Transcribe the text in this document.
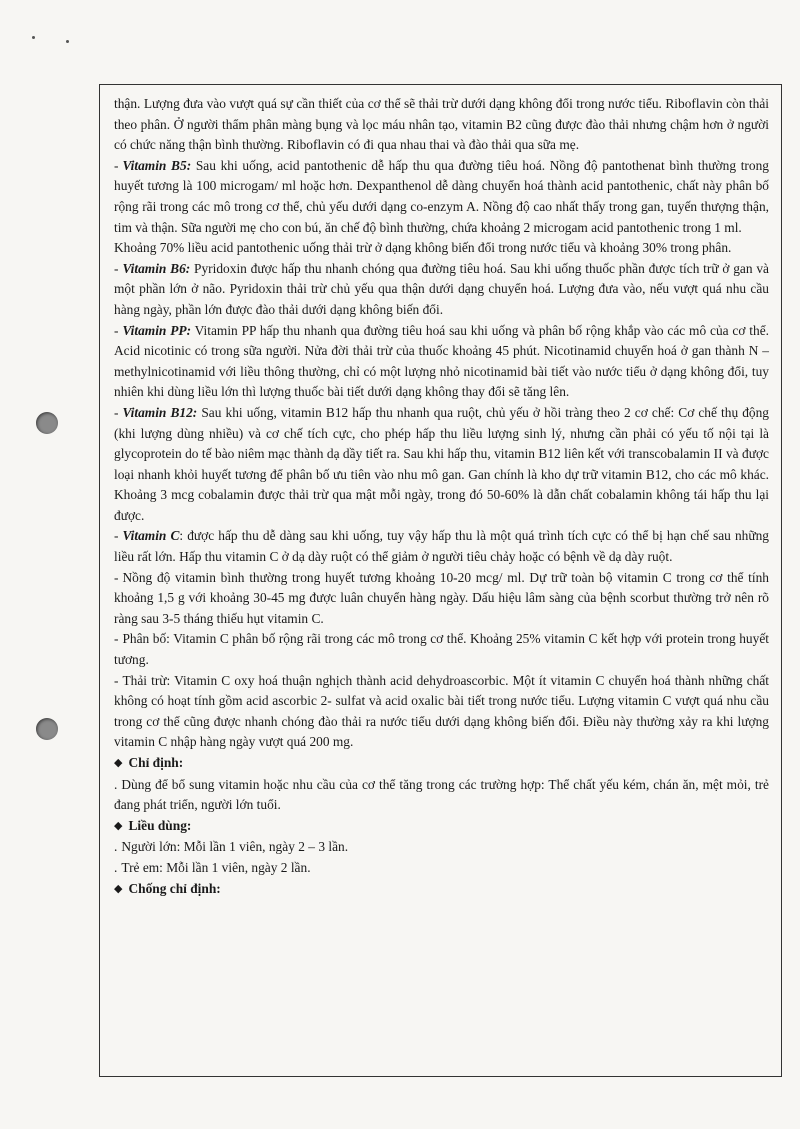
thận. Lượng đưa vào vượt quá sự cần thiết của cơ thể sẽ thải trừ dưới dạng không đổi trong nước tiểu. Riboflavin còn thải theo phân. Ở người thẩm phân màng bụng và lọc máu nhân tạo, vitamin B2 cũng được đào thải nhưng chậm hơn ở người có chức năng thận bình thường. Riboflavin có đi qua nhau thai và đào thải qua sữa mẹ.

- Vitamin B5: Sau khi uống, acid pantothenic dễ hấp thu qua đường tiêu hoá. Nồng độ pantothenat bình thường trong huyết tương là 100 microgam/ ml hoặc hơn. Dexpanthenol dễ dàng chuyển hoá thành acid pantothenic, chất này phân bố rộng rãi trong các mô trong cơ thể, chủ yếu dưới dạng co-enzym A. Nồng độ cao nhất thấy trong gan, tuyến thượng thận, tim và thận. Sữa người mẹ cho con bú, ăn chế độ bình thường, chứa khoảng 2 microgam acid pantothenic trong 1 ml.

Khoảng 70% liều acid pantothenic uống thải trừ ở dạng không biến đổi trong nước tiểu và khoảng 30% trong phân.

- Vitamin B6: Pyridoxin được hấp thu nhanh chóng qua đường tiêu hoá. Sau khi uống thuốc phần được tích trữ ở gan và một phần lớn ở não. Pyridoxin thải trừ chủ yếu qua thận dưới dạng chuyển hoá. Lượng đưa vào, nếu vượt quá nhu cầu hàng ngày, phần lớn được đào thải dưới dạng không biến đổi.

- Vitamin PP: Vitamin PP hấp thu nhanh qua đường tiêu hoá sau khi uống và phân bố rộng khắp vào các mô của cơ thể. Acid nicotinic có trong sữa người. Nửa đời thải trừ của thuốc khoảng 45 phút. Nicotinamid chuyển hoá ở gan thành N – methylnicotinamid với liều thông thường, chỉ có một lượng nhỏ nicotinamid bài tiết vào nước tiểu ở dạng không đổi, tuy nhiên khi dùng liều lớn thì lượng thuốc bài tiết dưới dạng không thay đổi sẽ tăng lên.

- Vitamin B12: Sau khi uống, vitamin B12 hấp thu nhanh qua ruột, chủ yếu ở hồi tràng theo 2 cơ chế: Cơ chế thụ động (khi lượng dùng nhiều) và cơ chế tích cực, cho phép hấp thu liều lượng sinh lý, nhưng cần phải có yếu tố nội tại là glycoprotein do tế bào niêm mạc thành dạ dầy tiết ra. Sau khi hấp thu, vitamin B12 liên kết với transcobalamin II và được loại nhanh khỏi huyết tương để phân bố ưu tiên vào nhu mô gan. Gan chính là kho dự trữ vitamin B12, cho các mô khác. Khoảng 3 mcg cobalamin được thải trừ qua mật mỗi ngày, trong đó 50-60% là dẫn chất cobalamin không tái hấp thu lại được.

- Vitamin C: được hấp thu dễ dàng sau khi uống, tuy vậy hấp thu là một quá trình tích cực có thể bị hạn chế sau những liều rất lớn. Hấp thu vitamin C ở dạ dày ruột có thể giảm ở người tiêu chảy hoặc có bệnh về dạ dày ruột.

- Nồng độ vitamin bình thường trong huyết tương khoảng 10-20 mcg/ ml. Dự trữ toàn bộ vitamin C trong cơ thể tính khoảng 1,5 g với khoảng 30-45 mg được luân chuyển hàng ngày. Dấu hiệu lâm sàng của bệnh scorbut thường trở nên rõ ràng sau 3-5 tháng thiếu hụt vitamin C.

- Phân bố: Vitamin C phân bố rộng rãi trong các mô trong cơ thể. Khoảng 25% vitamin C kết hợp với protein trong huyết tương.

- Thải trừ: Vitamin C oxy hoá thuận nghịch thành acid dehydroascorbic. Một ít vitamin C chuyển hoá thành những chất không có hoạt tính gồm acid ascorbic 2- sulfat và acid oxalic bài tiết trong nước tiểu. Lượng vitamin C vượt quá nhu cầu trong cơ thể cũng được nhanh chóng đào thải ra nước tiểu dưới dạng không biến đổi. Điều này thường xảy ra khi lượng vitamin C nhập hàng ngày vượt quá 200 mg.

◆ Chỉ định:

. Dùng để bổ sung vitamin hoặc nhu cầu của cơ thể tăng trong các trường hợp: Thể chất yếu kém, chán ăn, mệt mỏi, trẻ đang phát triển, người lớn tuổi.

◆ Liều dùng:

. Người lớn: Mỗi lần 1 viên, ngày 2 – 3 lần.

. Trẻ em: Mỗi lần 1 viên, ngày 2 lần.

◆ Chống chỉ định:
